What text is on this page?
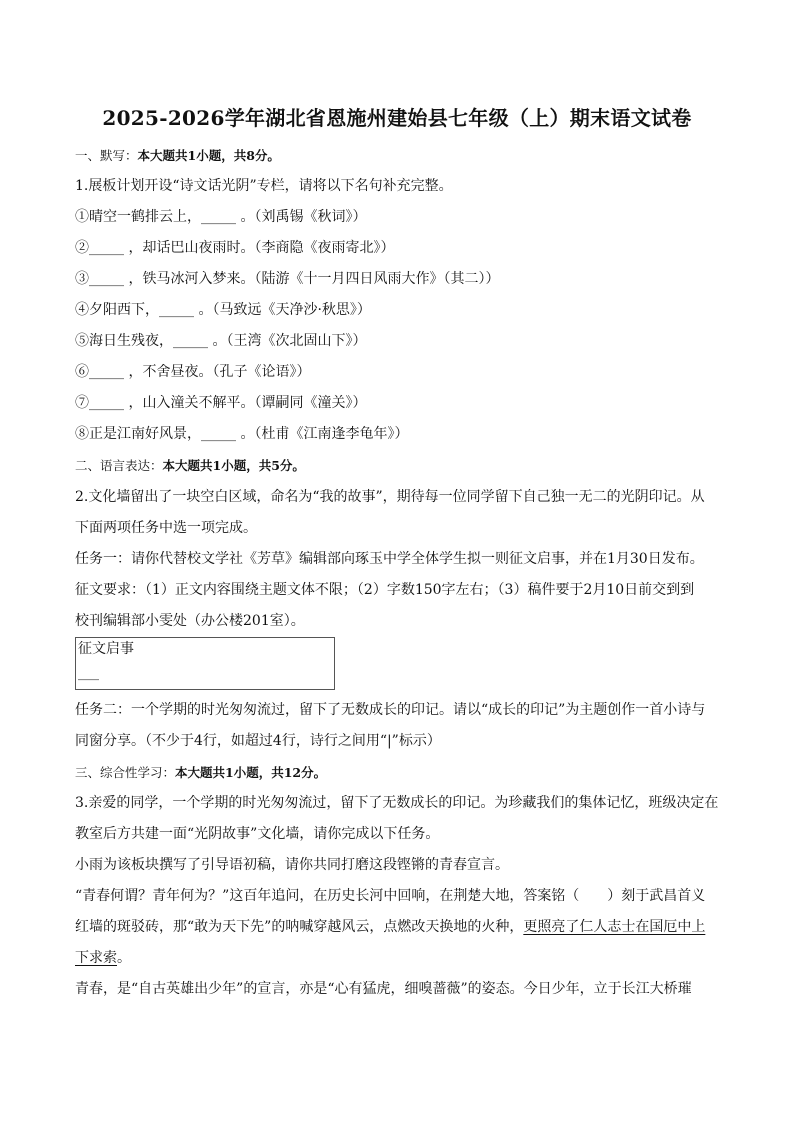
2025-2026学年湖北省恩施州建始县七年级（上）期末语文试卷
一、默写：本大题共1小题，共8分。
1.展板计划开设“诗文话光阴”专栏，请将以下名句补充完整。
①晴空一鹤排云上，_____ 。（刘禹锡《秋词》）
②_____ ，却话巴山夜雨时。（李商隐《夜雨寄北》）
③_____ ，铁马冰河入梦来。（陆游《十一月四日风雨大作》（其二））
④夕阳西下，_____ 。（马致远《天净沙·秋思》）
⑤海日生残夜，_____ 。（王湾《次北固山下》）
⑥_____ ，不舍昼夜。（孔子《论语》）
⑦_____ ，山入潼关不解平。（谭嗣同《潼关》）
⑧正是江南好风景，_____ 。（杜甫《江南逢李龟年》）
二、语言表达：本大题共1小题，共5分。
2.文化墙留出了一块空白区域，命名为“我的故事”，期待每一位同学留下自己独一无二的光阴印记。从
下面两项任务中选一项完成。
任务一：请你代替校文学社《芳草》编辑部向琢玉中学全体学生拟一则征文启事，并在1月30日发布。
征文要求：（1）正文内容围绕主题文体不限；（2）字数150字左右；（3）稿件要于2月10日前交到到
校刊编辑部小雯处（办公楼201室）。
征文启事
___
任务二：一个学期的时光匆匆流过，留下了无数成长的印记。请以“成长的印记”为主题创作一首小诗与
同窗分享。（不少于4行，如超过4行，诗行之间用“|”标示）
三、综合性学习：本大题共1小题，共12分。
3.亲爱的同学，一个学期的时光匆匆流过，留下了无数成长的印记。为珍藏我们的集体记忆，班级决定在
教室后方共建一面“光阴故事”文化墙，请你完成以下任务。
小雨为该板块撰写了引导语初稿，请你共同打磨这段铿锵的青春宣言。
“青春何谓？青年何为？”这百年追问，在历史长河中回响，在荆楚大地，答案铭（　　）刻于武昌首义
红墙的斑驳砖，那“敢为天下先”的呐喊穿越风云，点燃改天换地的火种，更照亮了仁人志士在国厄中上
下求索。
青春，是“自古英雄出少年”的宣言，亦是“心有猛虎，细嗅蔷薇”的姿态。今日少年，立于长江大桥璀
